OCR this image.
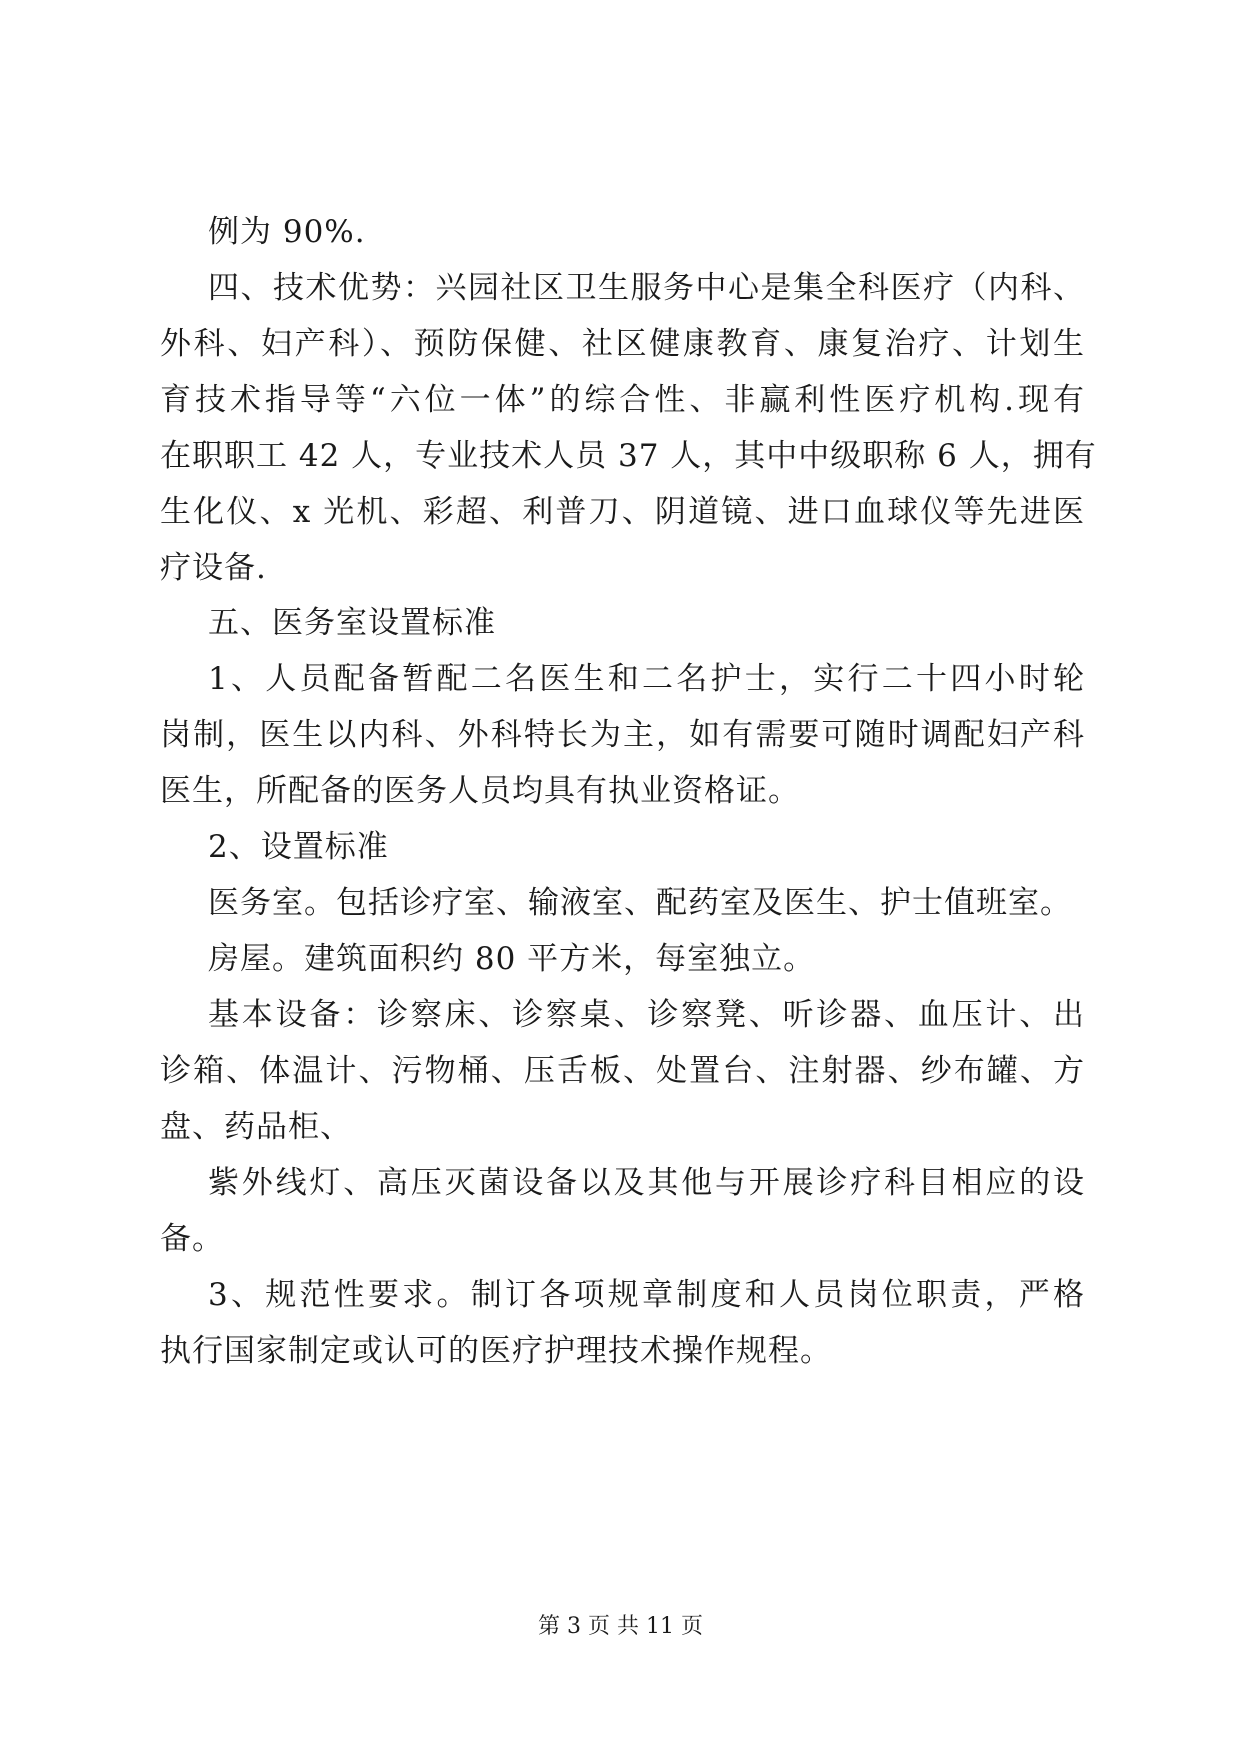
例为 90%.
四、技术优势：兴园社区卫生服务中心是集全科医疗（内科、
外科、妇产科）、预防保健、社区健康教育、康复治疗、计划生
育技术指导等“六位一体”的综合性、非赢利性医疗机构.现有
在职职工 42 人，专业技术人员 37 人，其中中级职称 6 人，拥有
生化仪、x 光机、彩超、利普刀、阴道镜、进口血球仪等先进医
疗设备.
五、医务室设置标准
1、人员配备暂配二名医生和二名护士，实行二十四小时轮
岗制，医生以内科、外科特长为主，如有需要可随时调配妇产科
医生，所配备的医务人员均具有执业资格证。
2、设置标准
医务室。包括诊疗室、输液室、配药室及医生、护士值班室。
房屋。建筑面积约 80 平方米，每室独立。
基本设备：诊察床、诊察桌、诊察凳、听诊器、血压计、出
诊箱、体温计、污物桶、压舌板、处置台、注射器、纱布罐、方
盘、药品柜、
紫外线灯、高压灭菌设备以及其他与开展诊疗科目相应的设
备。
3、规范性要求。制订各项规章制度和人员岗位职责，严格
执行国家制定或认可的医疗护理技术操作规程。
第 3 页 共 11 页
